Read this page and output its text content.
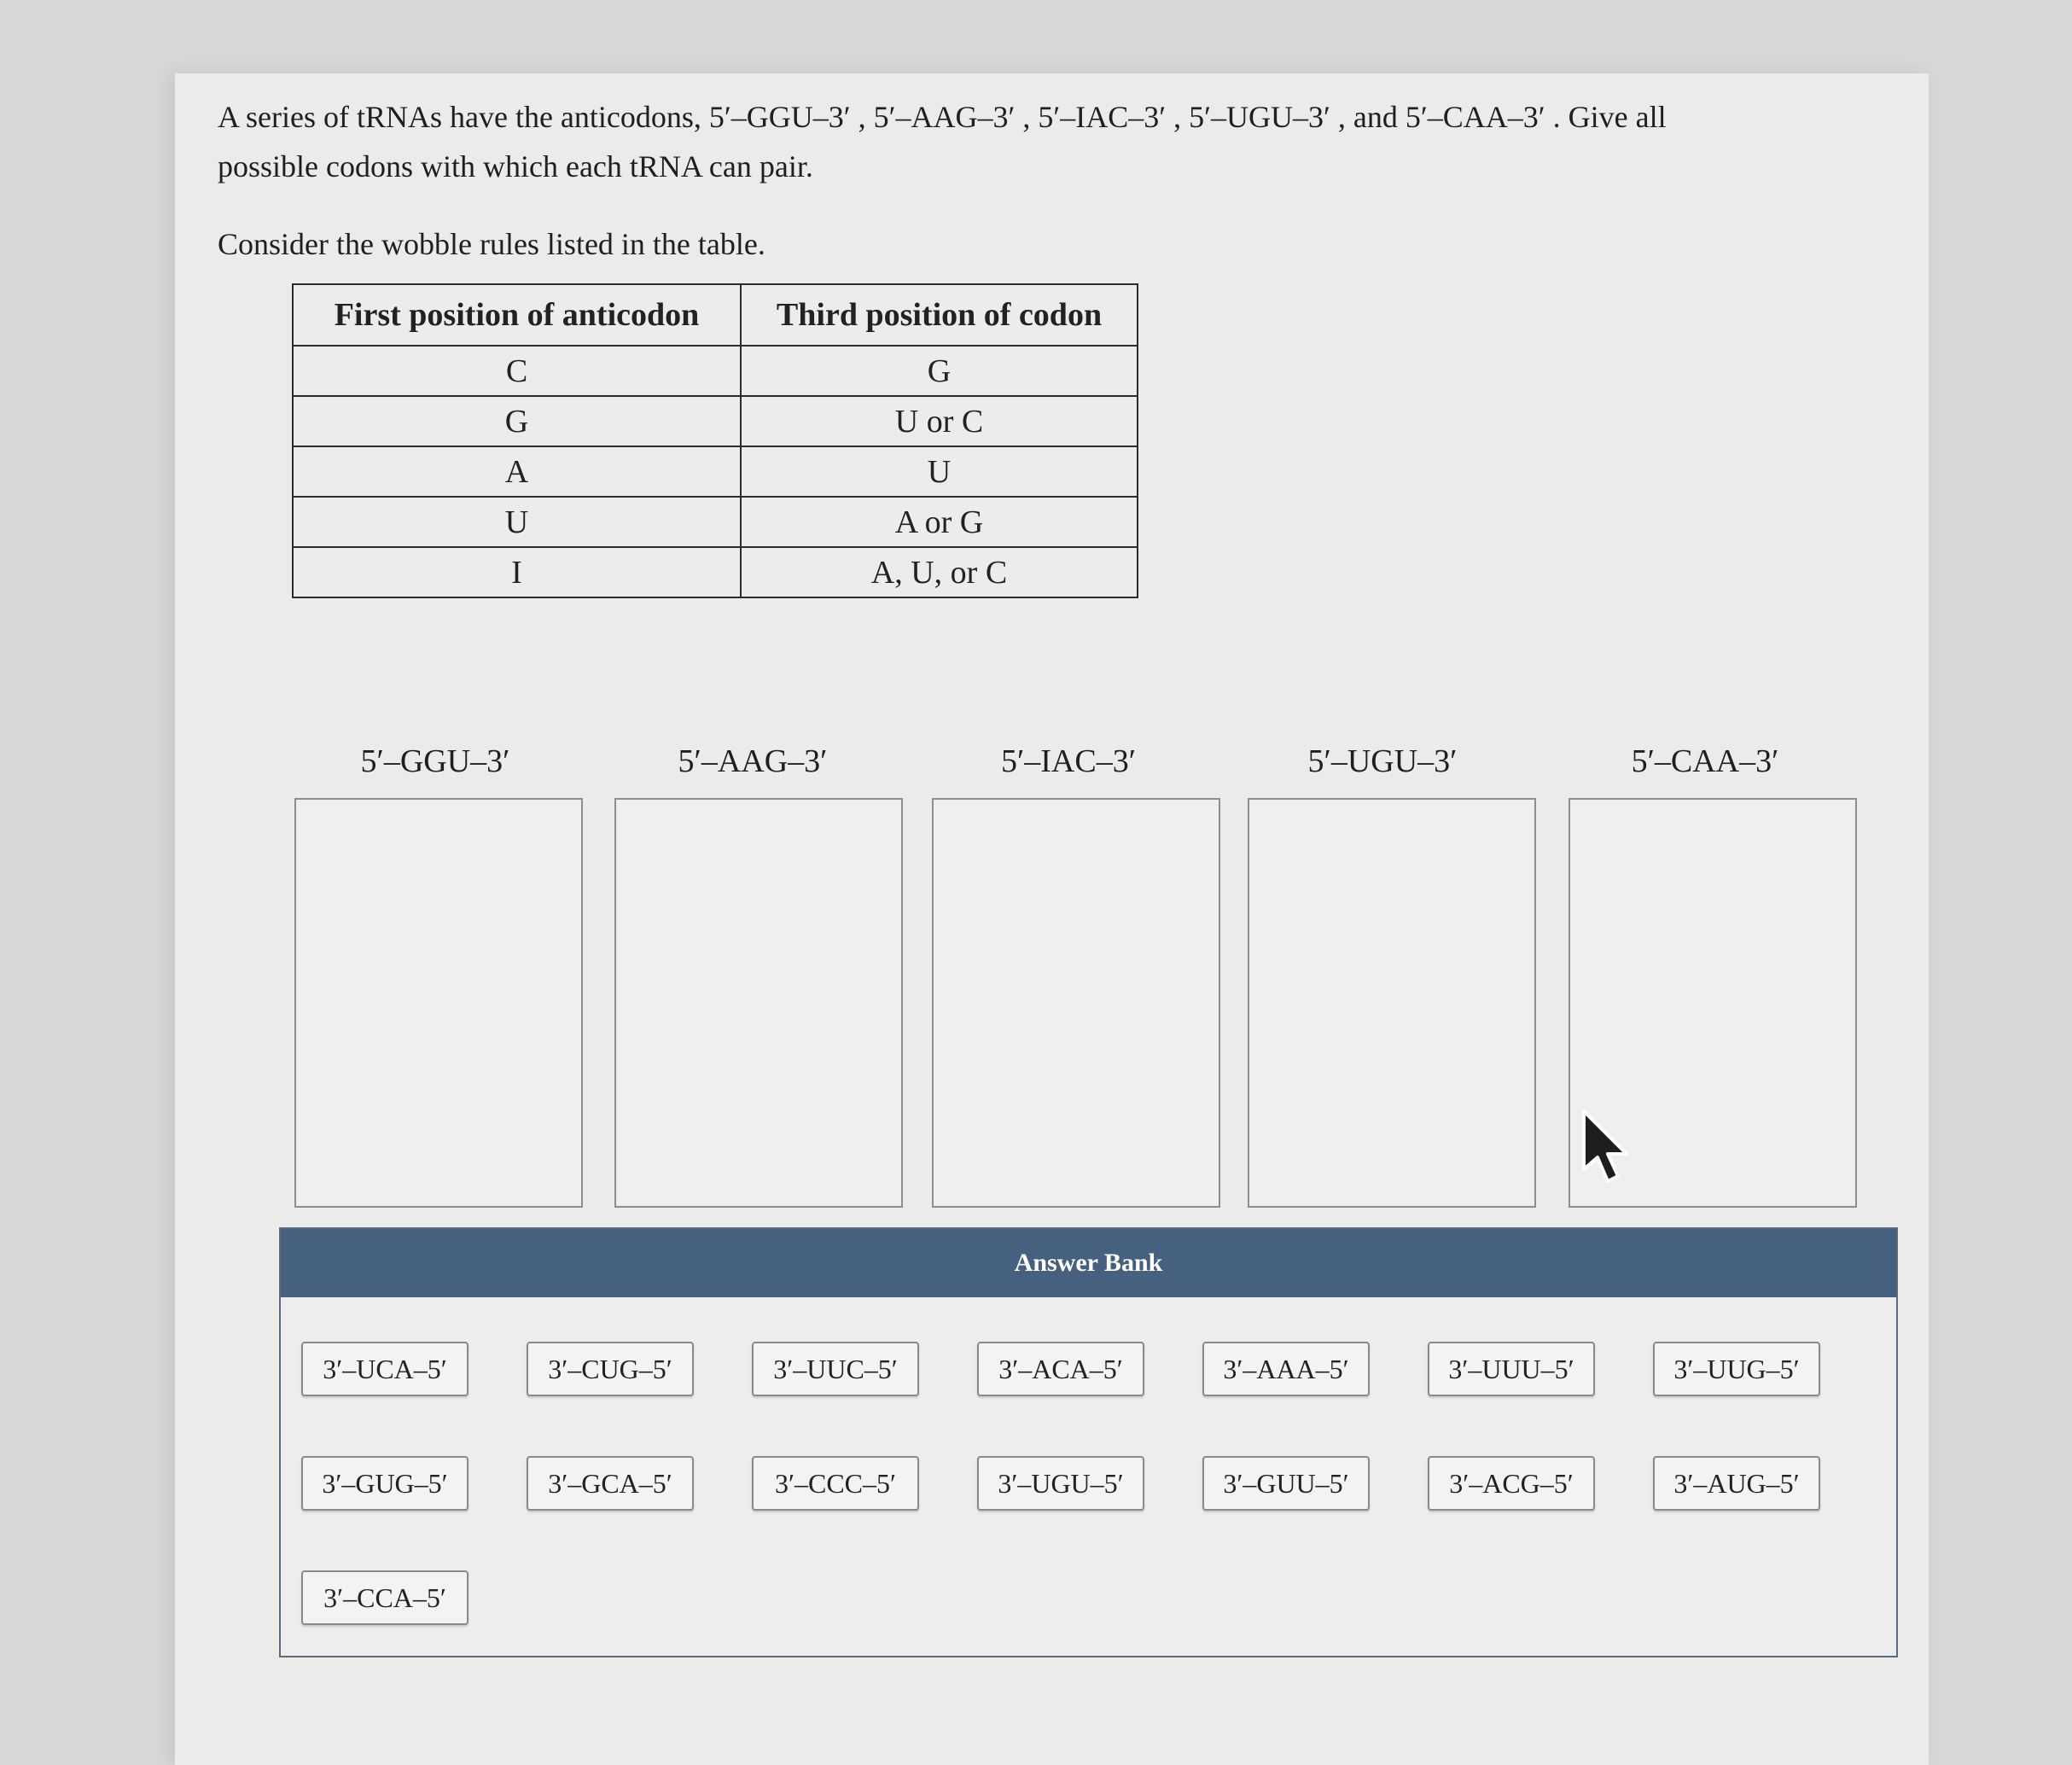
A series of tRNAs have the anticodons, 5′–GGU–3′ , 5′–AAG–3′ , 5′–IAC–3′ , 5′–UGU–3′ , and 5′–CAA–3′ . Give all

possible codons with which each tRNA can pair.

Consider the wobble rules listed in the table.
First position of anticodon	Third position of codon
C	G
G	U or C
A	U
U	A or G
I	A, U, or C
5′–GGU–3′	5′–AAG–3′	5′–IAC–3′	5′–UGU–3′	5′–CAA–3′
Answer Bank
3′–UCA–5′	3′–CUG–5′	3′–UUC–5′	3′–ACA–5′	3′–AAA–5′	3′–UUU–5′	3′–UUG–5′
3′–GUG–5′	3′–GCA–5′	3′–CCC–5′	3′–UGU–5′	3′–GUU–5′	3′–ACG–5′	3′–AUG–5′
3′–CCA–5′
